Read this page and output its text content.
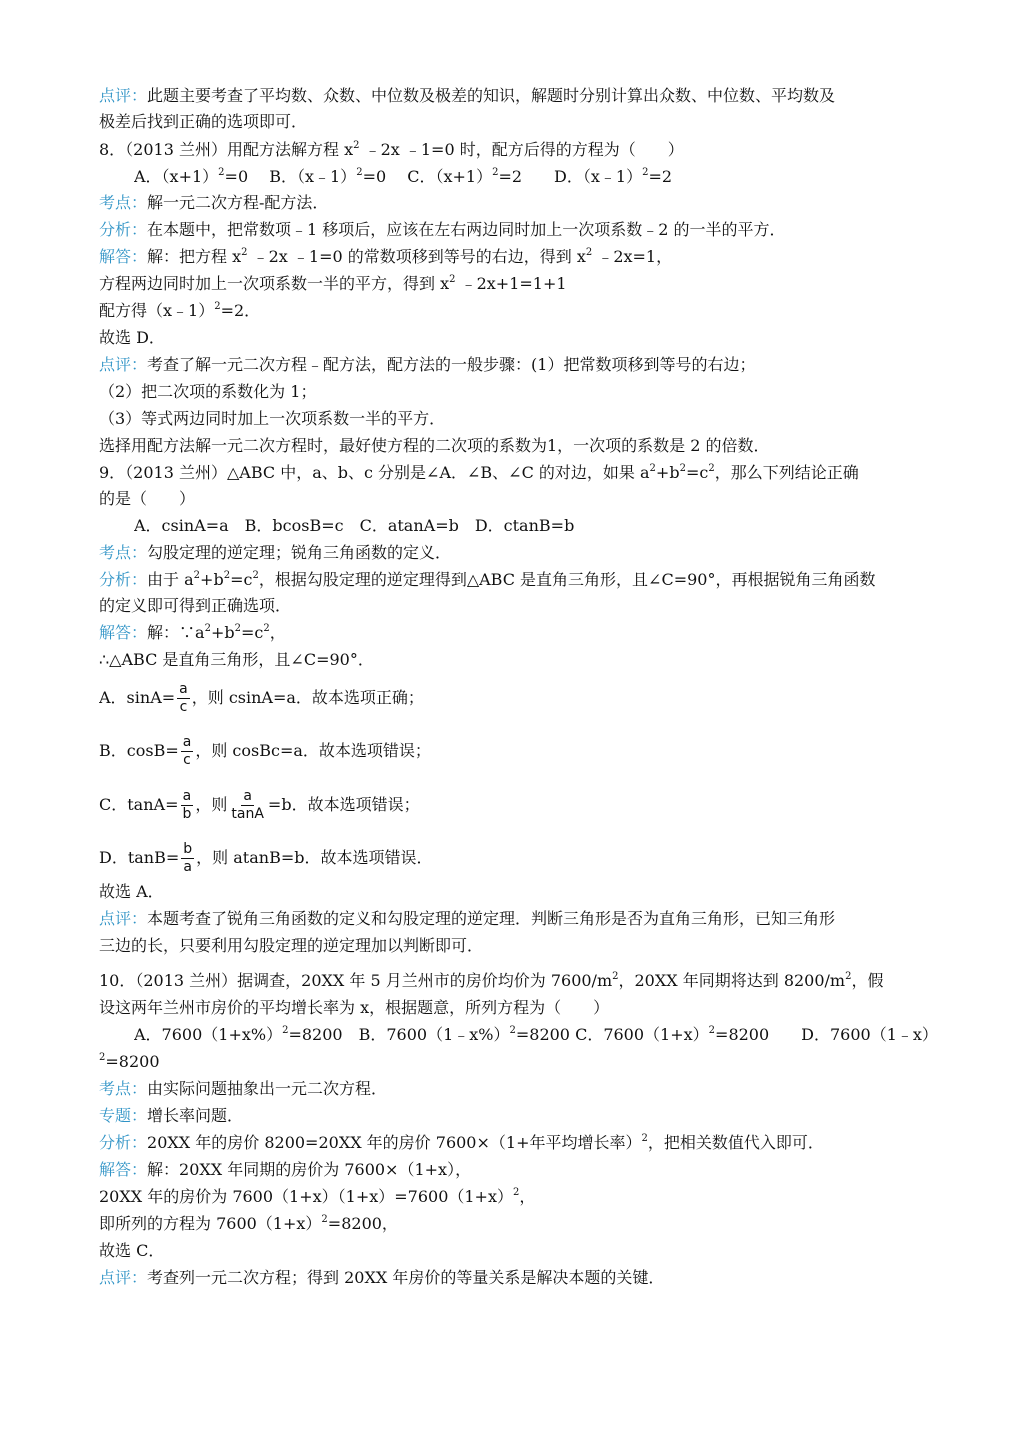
点评：此题主要考查了平均数、众数、中位数及极差的知识，解题时分别计算出众数、中位数、平均数及
极差后找到正确的选项即可．
8．（2013 兰州）用配方法解方程 $x^2$ ﹣2x ﹣1=0 时，配方后得的方程为（　　）
A．$(x+1)^2=0$　 B．（x﹣1）$^2$=0　 C．$(x+1)^2=2$　　D．（x﹣1）$^2$=2
考点：解一元二次方程-配方法．
分析：在本题中，把常数项﹣1 移项后，应该在左右两边同时加上一次项系数﹣2 的一半的平方．
解答：解：把方程 $x^2$ ﹣2x ﹣1=0 的常数项移到等号的右边，得到 $x^2$ ﹣2x=1，
方程两边同时加上一次项系数一半的平方，得到 $x^2$ ﹣2x+1=1+1
配方得（x﹣1）$^2$=2．
故选 D．
点评：考查了解一元二次方程﹣配方法，配方法的一般步骤：(1）把常数项移到等号的右边；
（2）把二次项的系数化为 1；
（3）等式两边同时加上一次项系数一半的平方．
选择用配方法解一元二次方程时，最好使方程的二次项的系数为1，一次项的系数是 2 的倍数．
9．（2013 兰州）△ABC 中，a、b、c 分别是∠A．∠B、∠C 的对边，如果 $a^2+b^2=c^2$，那么下列结论正确
的是（　　）
A．csinA=a　B．bcosB=c　C．atanA=b　D．ctanB=b
考点：勾股定理的逆定理；锐角三角函数的定义．
分析：由于 $a^2+b^2=c^2$，根据勾股定理的逆定理得到△ABC 是直角三角形，且∠C=90°，再根据锐角三角函数
的定义即可得到正确选项．
解答：解：$\because a^2+b^2=c^2$，
∴△ABC 是直角三角形，且∠C=90°．
故选 A．
点评：本题考查了锐角三角函数的定义和勾股定理的逆定理．判断三角形是否为直角三角形，已知三角形
三边的长，只要利用勾股定理的逆定理加以判断即可．
10．（2013 兰州）据调查，20XX 年 5 月兰州市的房价均价为 $7600/m^2$，20XX 年同期将达到 $8200/m^2$，假
设这两年兰州市房价的平均增长率为 x，根据题意，所列方程为（　　）
A．$7600(1+x\%)^2=8200$　B．7600（1﹣x%）$^2$=8200 C．$7600(1+x)^2=8200$　　D．7600（1﹣x）
$^2$=8200
考点：由实际问题抽象出一元二次方程．
专题：增长率问题．
分析：20XX 年的房价 8200=20XX 年的房价 7600×（1+年平均增长率）$^2$，把相关数值代入即可．
解答：解：20XX 年同期的房价为 7600×（1+x），
20XX 年的房价为 $7600(1+x)(1+x)=7600(1+x)^2$，
即所列的方程为 $7600(1+x)^2=8200$，
故选 C．
点评：考查列一元二次方程；得到 20XX 年房价的等量关系是解决本题的关键．
A．$\sin A= \frac{a}{c}$ ，则 csinA=a．故本选项正确；
B．$\cos B= \frac{a}{c}$ ，则 cosBc=a．故本选项错误；
C．$\tan A= \frac{a}{b}$ ，则 $\frac{a}{\tan A} =b$．故本选项错误；
D．$\tan B= \frac{b}{a}$ ，则 atanB=b．故本选项错误．
